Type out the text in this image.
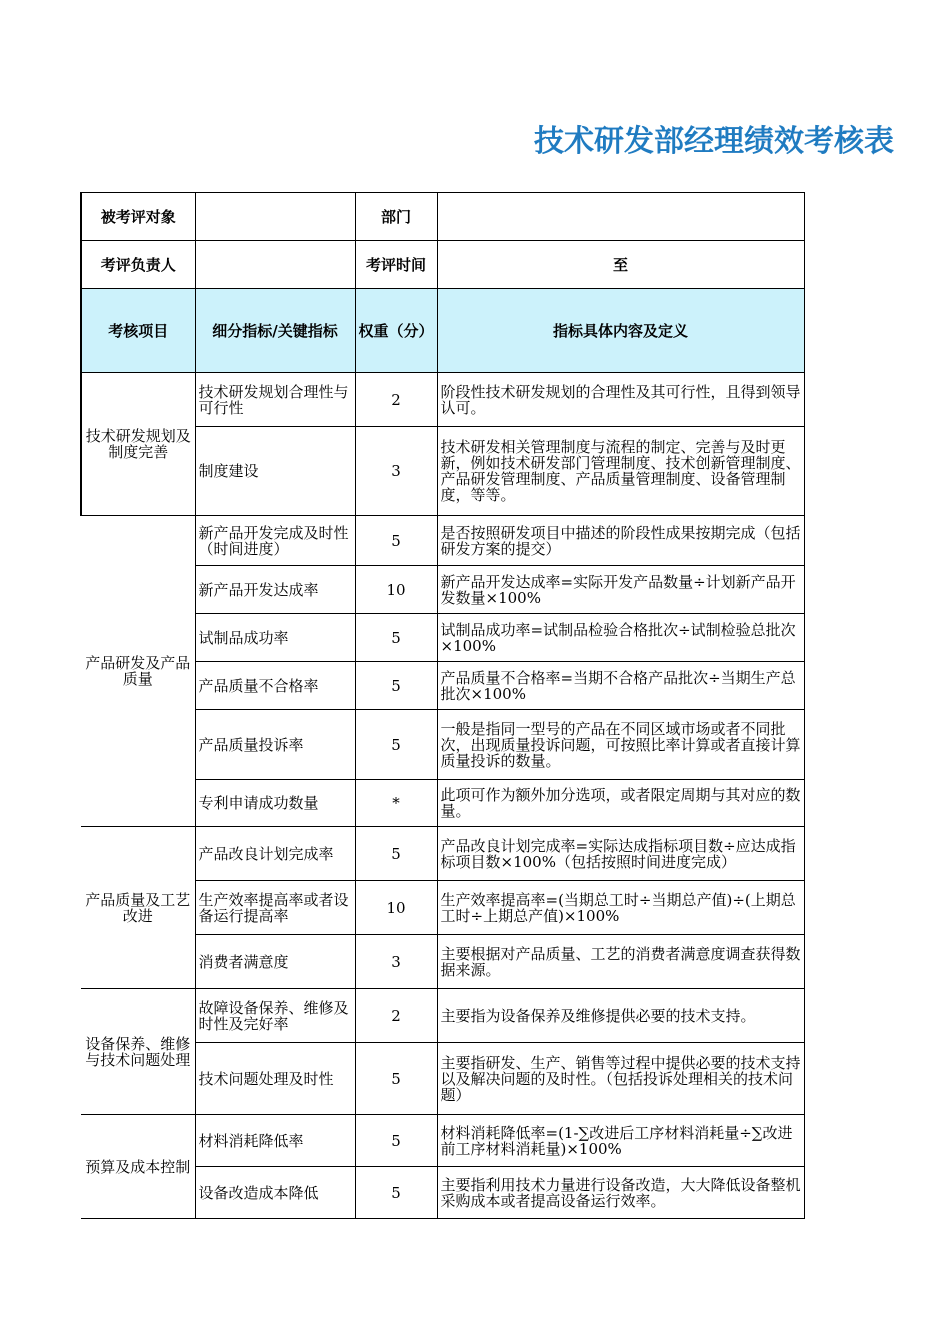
技术研发部经理绩效考核表
被考评对象		部门	
考评负责人		考评时间	至
考核项目	细分指标/关键指标	权重（分）	指标具体内容及定义
技术研发规划及制度完善	技术研发规划合理性与可行性	2	阶段性技术研发规划的合理性及其可行性，且得到领导认可。
	制度建设	3	技术研发相关管理制度与流程的制定、完善与及时更新，例如技术研发部门管理制度、技术创新管理制度、产品研发管理制度、产品质量管理制度、设备管理制度，等等。
产品研发及产品质量	新产品开发完成及时性（时间进度）	5	是否按照研发项目中描述的阶段性成果按期完成（包括研发方案的提交）
	新产品开发达成率	10	新产品开发达成率=实际开发产品数量÷计划新产品开发数量×100%
	试制品成功率	5	试制品成功率=试制品检验合格批次÷试制检验总批次×100%
	产品质量不合格率	5	产品质量不合格率=当期不合格产品批次÷当期生产总批次×100%
	产品质量投诉率	5	一般是指同一型号的产品在不同区域市场或者不同批次，出现质量投诉问题，可按照比率计算或者直接计算质量投诉的数量。
	专利申请成功数量	*	此项可作为额外加分选项，或者限定周期与其对应的数量。
产品质量及工艺改进	产品改良计划完成率	5	产品改良计划完成率=实际达成指标项目数÷应达成指标项目数×100%（包括按照时间进度完成）
	生产效率提高率或者设备运行提高率	10	生产效率提高率=(当期总工时÷当期总产值)÷(上期总工时÷上期总产值)×100%
	消费者满意度	3	主要根据对产品质量、工艺的消费者满意度调查获得数据来源。
设备保养、维修与技术问题处理	故障设备保养、维修及时性及完好率	2	主要指为设备保养及维修提供必要的技术支持。
	技术问题处理及时性	5	主要指研发、生产、销售等过程中提供必要的技术支持以及解决问题的及时性。（包括投诉处理相关的技术问题）
预算及成本控制	材料消耗降低率	5	材料消耗降低率=(1-∑改进后工序材料消耗量÷∑改进前工序材料消耗量)×100%
	设备改造成本降低	5	主要指利用技术力量进行设备改造，大大降低设备整机采购成本或者提高设备运行效率。
